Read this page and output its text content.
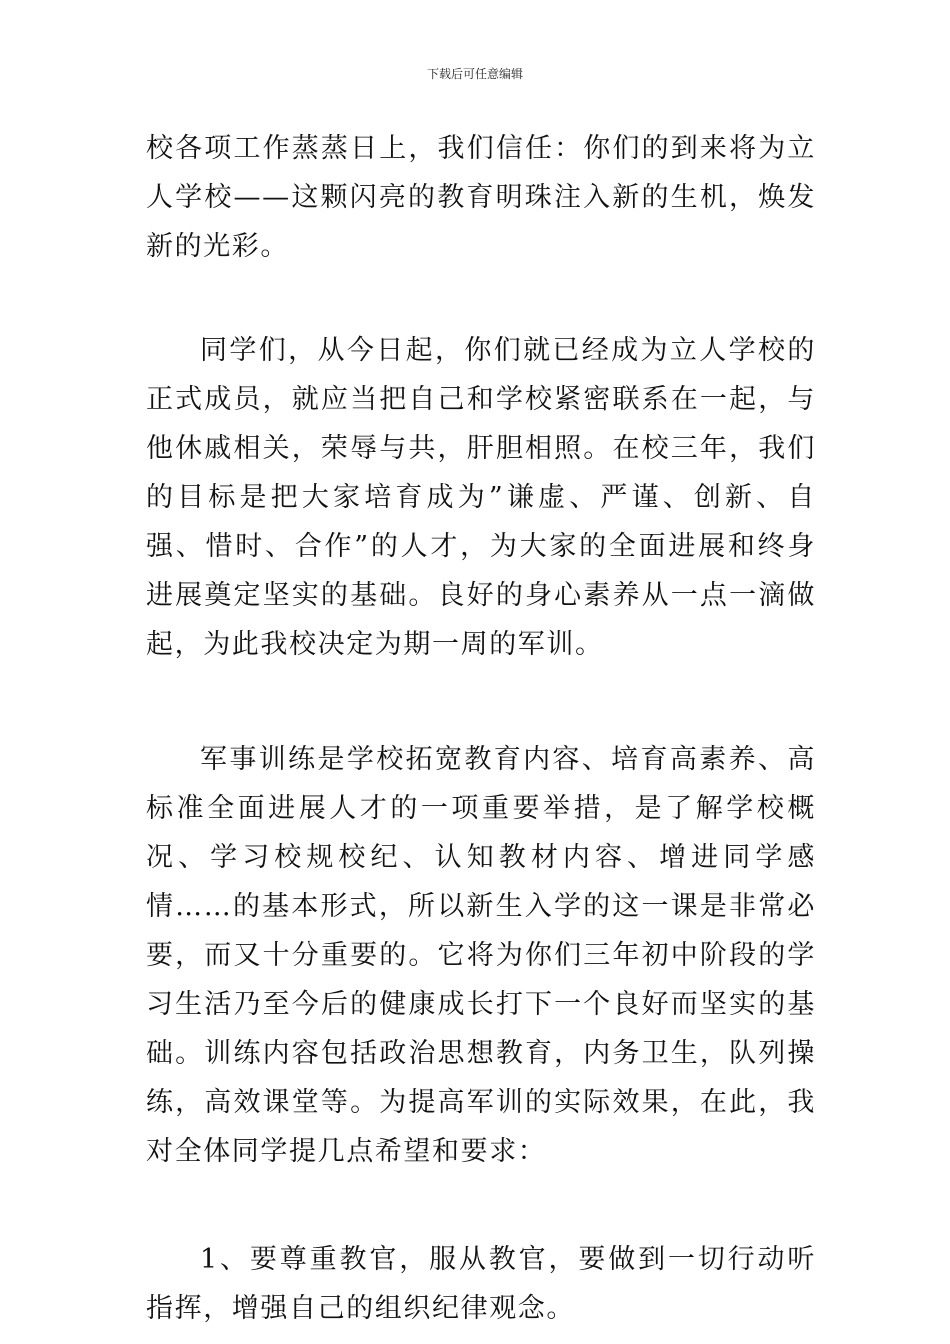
下载后可任意编辑

校各项工作蒸蒸日上，我们信任：你们的到来将为立人学校——这颗闪亮的教育明珠注入新的生机，焕发新的光彩。

同学们，从今日起，你们就已经成为立人学校的正式成员，就应当把自己和学校紧密联系在一起，与他休戚相关，荣辱与共，肝胆相照。在校三年，我们的目标是把大家培育成为”谦虚、严谨、创新、自强、惜时、合作”的人才，为大家的全面进展和终身进展奠定坚实的基础。良好的身心素养从一点一滴做起，为此我校决定为期一周的军训。

军事训练是学校拓宽教育内容、培育高素养、高标准全面进展人才的一项重要举措，是了解学校概况、学习校规校纪、认知教材内容、增进同学感情……的基本形式，所以新生入学的这一课是非常必要，而又十分重要的。它将为你们三年初中阶段的学习生活乃至今后的健康成长打下一个良好而坚实的基础。训练内容包括政治思想教育，内务卫生，队列操练，高效课堂等。为提高军训的实际效果，在此，我对全体同学提几点希望和要求：

1、要尊重教官，服从教官，要做到一切行动听指挥，增强自己的组织纪律观念。
